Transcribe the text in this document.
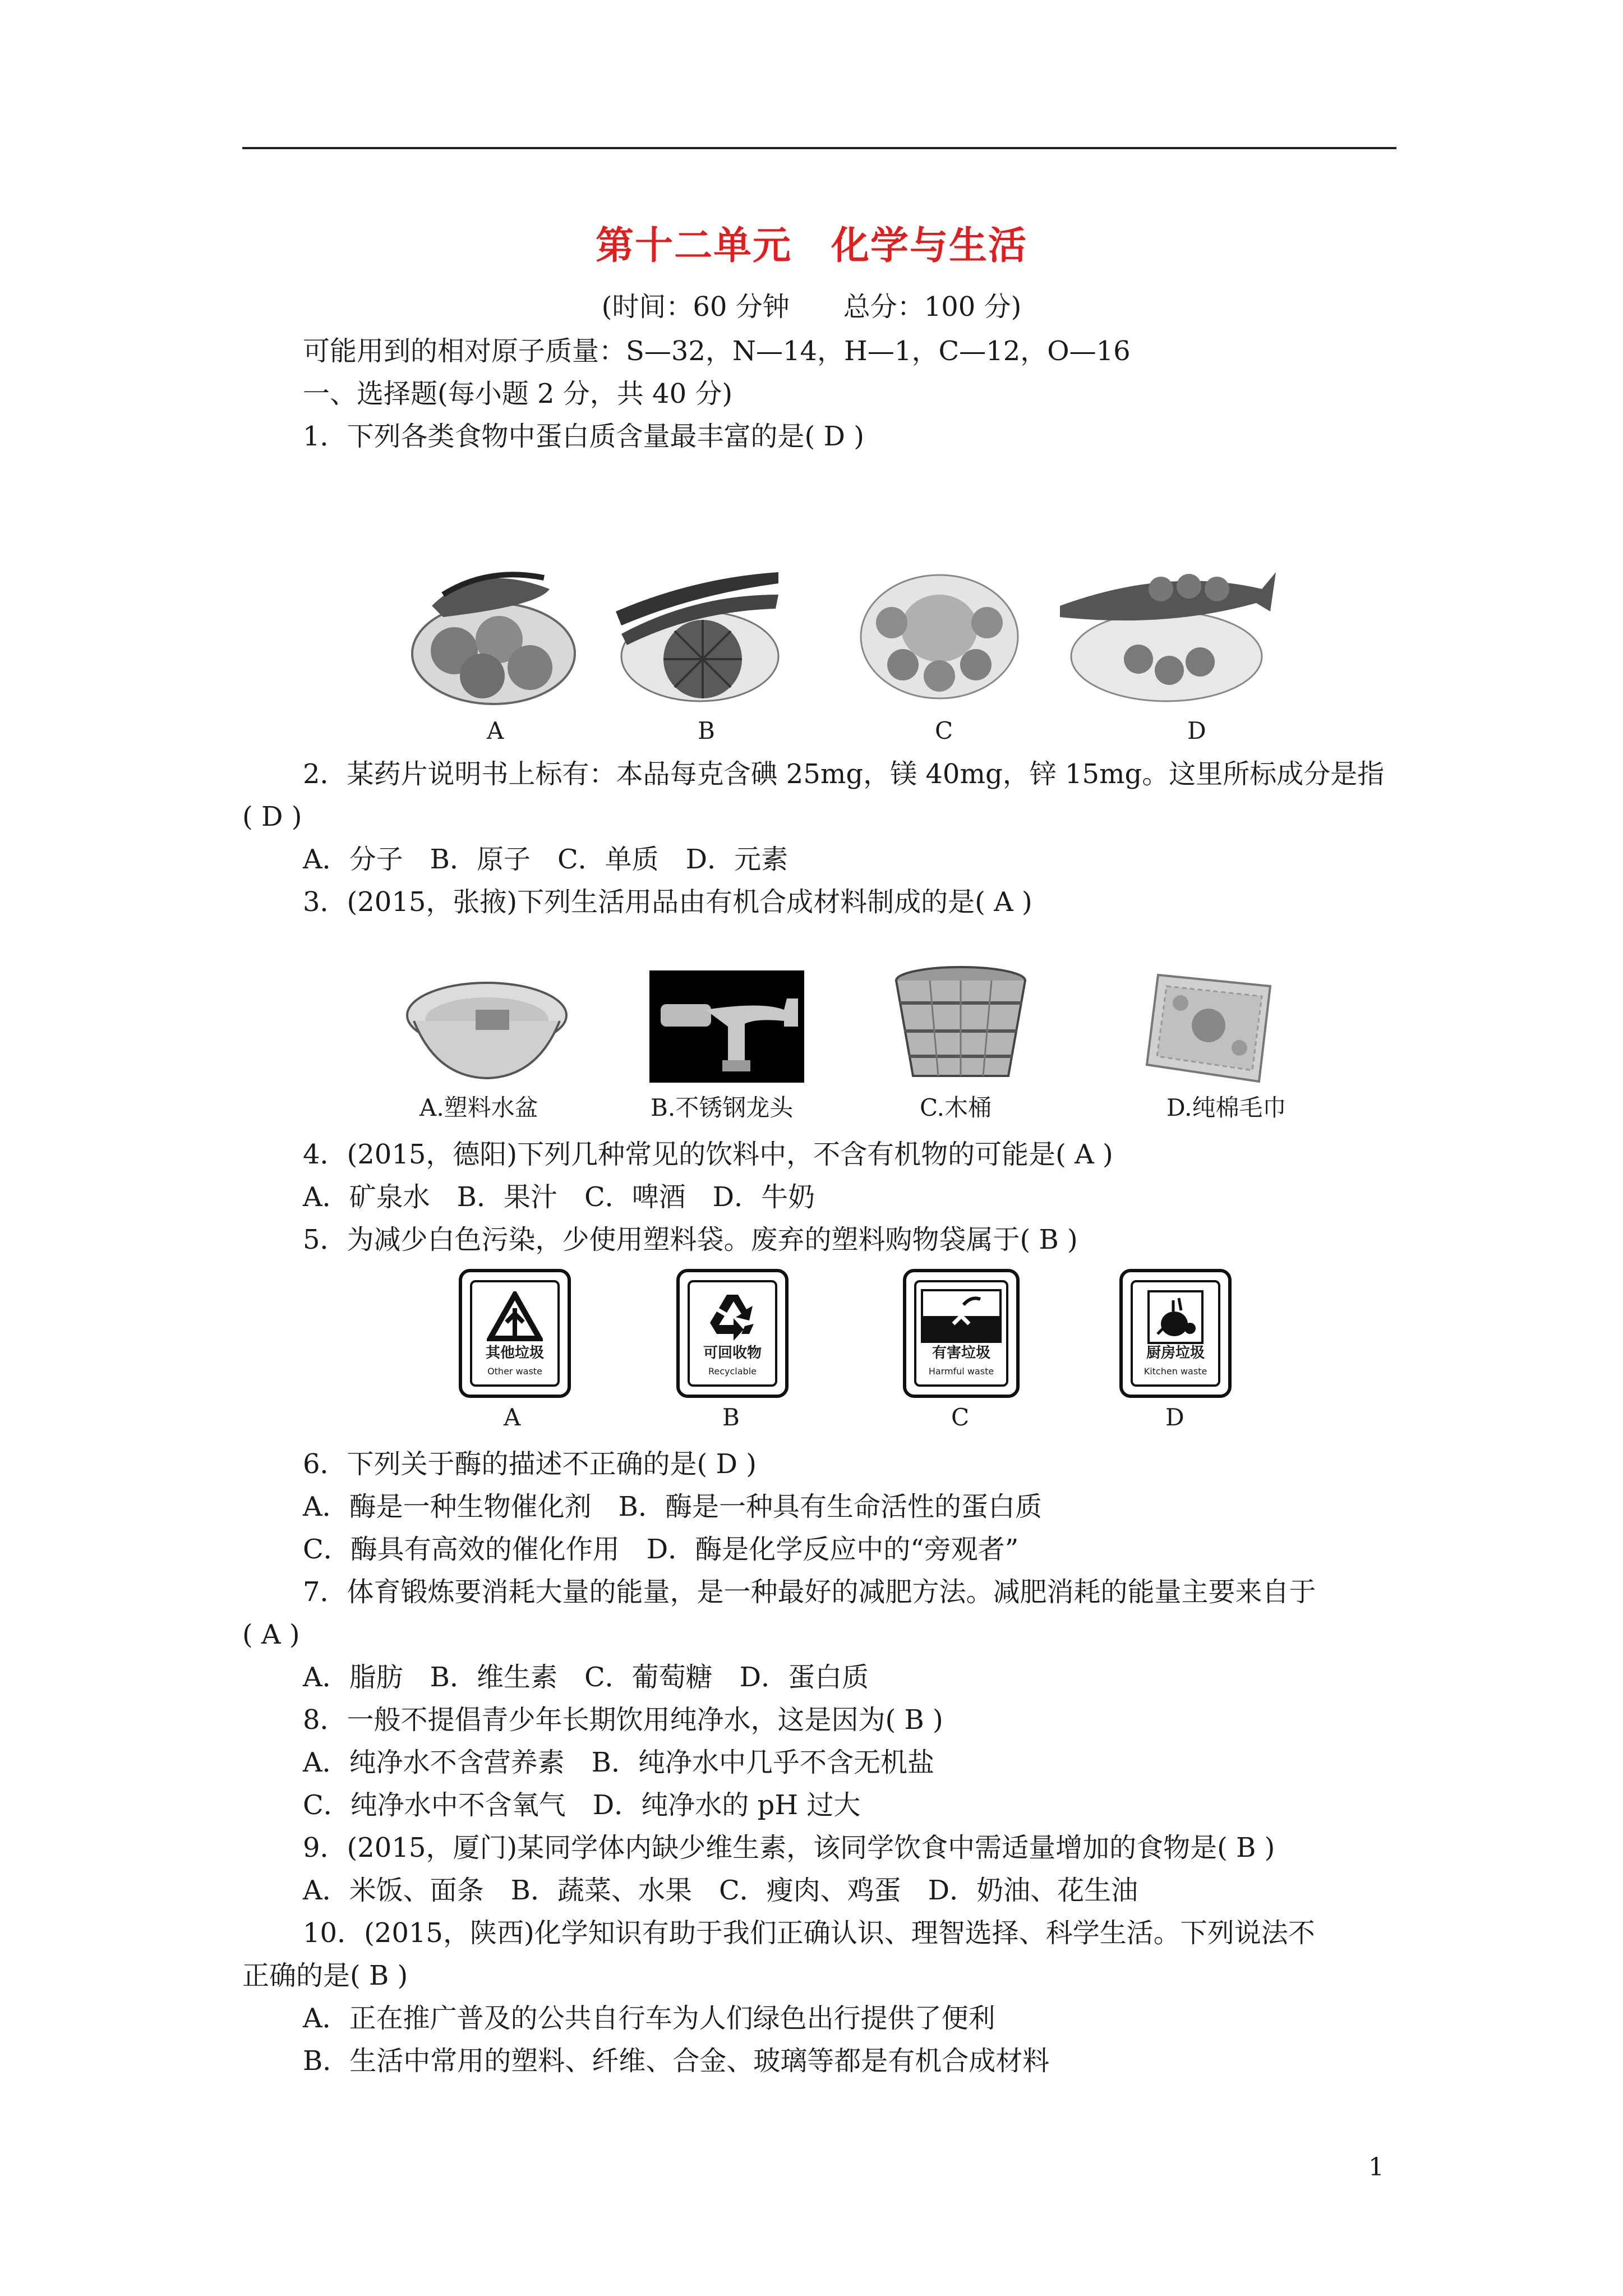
第十二单元　化学与生活
(时间：60 分钟　　总分：100 分)
可能用到的相对原子质量：S—32，N—14，H—1，C—12，O—16
一、选择题(每小题 2 分，共 40 分)
1．下列各类食物中蛋白质含量最丰富的是( D )
A	B	C	D
2．某药片说明书上标有：本品每克含碘 25mg，镁 40mg，锌 15mg。这里所标成分是指
( D )
A．分子　B．原子　C．单质　D．元素
3．(2015，张掖)下列生活用品由有机合成材料制成的是( A )
A.塑料水盆	B.不锈钢龙头	C.木桶	D.纯棉毛巾
4．(2015，德阳)下列几种常见的饮料中，不含有机物的可能是( A )
A．矿泉水　B．果汁　C．啤酒　D．牛奶
5．为减少白色污染，少使用塑料袋。废弃的塑料购物袋属于( B )
其他垃圾
Other waste
可回收物
Recyclable
有害垃圾
Harmful waste
厨房垃圾
Kitchen waste
A	B	C	D
6．下列关于酶的描述不正确的是( D )
A．酶是一种生物催化剂　B．酶是一种具有生命活性的蛋白质
C．酶具有高效的催化作用　D．酶是化学反应中的“旁观者”
7．体育锻炼要消耗大量的能量，是一种最好的减肥方法。减肥消耗的能量主要来自于
( A )
A．脂肪　B．维生素　C．葡萄糖　D．蛋白质
8．一般不提倡青少年长期饮用纯净水，这是因为( B )
A．纯净水不含营养素　B．纯净水中几乎不含无机盐
C．纯净水中不含氧气　D．纯净水的 pH 过大
9．(2015，厦门)某同学体内缺少维生素，该同学饮食中需适量增加的食物是( B )
A．米饭、面条　B．蔬菜、水果　C．瘦肉、鸡蛋　D．奶油、花生油
10．(2015，陕西)化学知识有助于我们正确认识、理智选择、科学生活。下列说法不
正确的是( B )
A．正在推广普及的公共自行车为人们绿色出行提供了便利
B．生活中常用的塑料、纤维、合金、玻璃等都是有机合成材料
1
